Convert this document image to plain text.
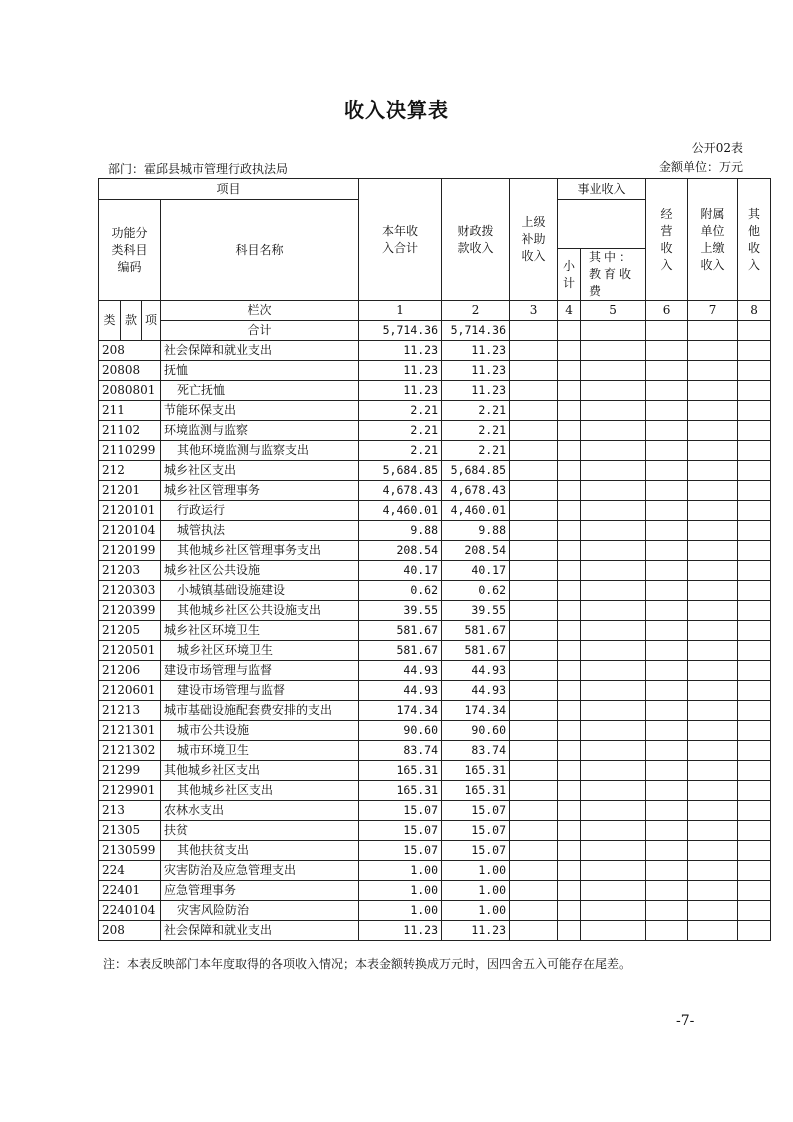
收入决算表
公开02表
部门：霍邱县城市管理行政执法局	金额单位：万元
项目				本年收入合计	财政拨款收入	上级补助收入	事业收入		经营收入	附属单位上缴收入	其他收入
功能分类科目编码			科目名称								
							小计	其中：教育收费			
类	款	项	栏次	1	2	3	4	5	6	7	8
			合计	5,714.36	5,714.36						
208			社会保障和就业支出	11.23	11.23						
20808			抚恤	11.23	11.23						
2080801			死亡抚恤	11.23	11.23						
211			节能环保支出	2.21	2.21						
21102			环境监测与监察	2.21	2.21						
2110299			其他环境监测与监察支出	2.21	2.21						
212			城乡社区支出	5,684.85	5,684.85						
21201			城乡社区管理事务	4,678.43	4,678.43						
2120101			行政运行	4,460.01	4,460.01						
2120104			城管执法	9.88	9.88						
2120199			其他城乡社区管理事务支出	208.54	208.54						
21203			城乡社区公共设施	40.17	40.17						
2120303			小城镇基础设施建设	0.62	0.62						
2120399			其他城乡社区公共设施支出	39.55	39.55						
21205			城乡社区环境卫生	581.67	581.67						
2120501			城乡社区环境卫生	581.67	581.67						
21206			建设市场管理与监督	44.93	44.93						
2120601			建设市场管理与监督	44.93	44.93						
21213			城市基础设施配套费安排的支出	174.34	174.34						
2121301			城市公共设施	90.60	90.60						
2121302			城市环境卫生	83.74	83.74						
21299			其他城乡社区支出	165.31	165.31						
2129901			其他城乡社区支出	165.31	165.31						
213			农林水支出	15.07	15.07						
21305			扶贫	15.07	15.07						
2130599			其他扶贫支出	15.07	15.07						
224			灾害防治及应急管理支出	1.00	1.00						
22401			应急管理事务	1.00	1.00						
2240104			灾害风险防治	1.00	1.00						
208			社会保障和就业支出	11.23	11.23						
注：本表反映部门本年度取得的各项收入情况；本表金额转换成万元时，因四舍五入可能存在尾差。
-7-
